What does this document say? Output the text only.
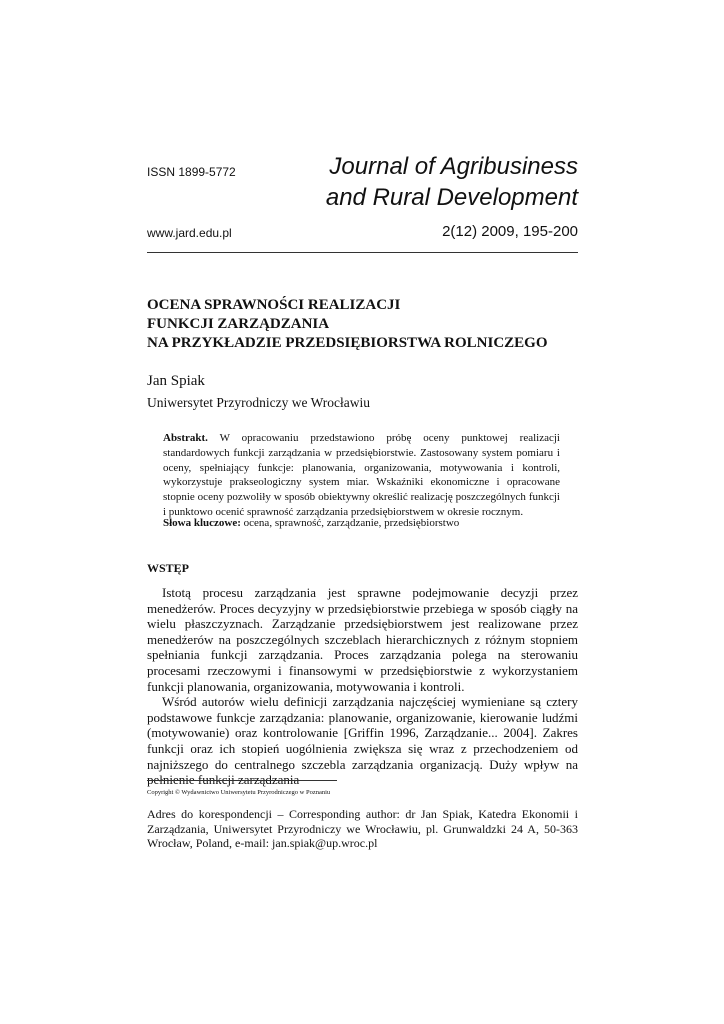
ISSN 1899-5772	Journal of Agribusiness
and Rural Development
www.jard.edu.pl	2(12) 2009, 195-200
OCENA SPRAWNOŚCI REALIZACJI
FUNKCJI ZARZĄDZANIA
NA PRZYKŁADZIE PRZEDSIĘBIORSTWA ROLNICZEGO
Jan Spiak
Uniwersytet Przyrodniczy we Wrocławiu
Abstrakt. W opracowaniu przedstawiono próbę oceny punktowej realizacji standardowych funkcji zarządzania w przedsiębiorstwie. Zastosowany system pomiaru i oceny, spełniający funkcje: planowania, organizowania, motywowania i kontroli, wykorzystuje prakseologiczny system miar. Wskaźniki ekonomiczne i opracowane stopnie oceny pozwoliły w sposób obiektywny określić realizację poszczególnych funkcji i punktowo ocenić sprawność zarządzania przedsiębiorstwem w okresie rocznym.
Słowa kluczowe: ocena, sprawność, zarządzanie, przedsiębiorstwo
WSTĘP

Istotą procesu zarządzania jest sprawne podejmowanie decyzji przez menedżerów. Proces decyzyjny w przedsiębiorstwie przebiega w sposób ciągły na wielu płaszczyznach. Zarządzanie przedsiębiorstwem jest realizowane przez menedżerów na poszczególnych szczeblach hierarchicznych z różnym stopniem spełniania funkcji zarządzania. Proces zarządzania polega na sterowaniu procesami rzeczowymi i finansowymi w przedsiębiorstwie z wykorzystaniem funkcji planowania, organizowania, motywowania i kontroli.

Wśród autorów wielu definicji zarządzania najczęściej wymieniane są cztery podstawowe funkcje zarządzania: planowanie, organizowanie, kierowanie ludźmi (motywowanie) oraz kontrolowanie [Griffin 1996, Zarządzanie... 2004]. Zakres funkcji oraz ich stopień uogólnienia zwiększa się wraz z przechodzeniem od najniższego do centralnego szczebla zarządzania organizacją. Duży wpływ na pełnienie funkcji zarządzania

Copyright © Wydawnictwo Uniwersytetu Przyrodniczego w Poznaniu
Adres do korespondencji – Corresponding author: dr Jan Spiak, Katedra Ekonomii i Zarządzania, Uniwersytet Przyrodniczy we Wrocławiu, pl. Grunwaldzki 24 A, 50-363 Wrocław, Poland, e-mail: jan.spiak@up.wroc.pl
